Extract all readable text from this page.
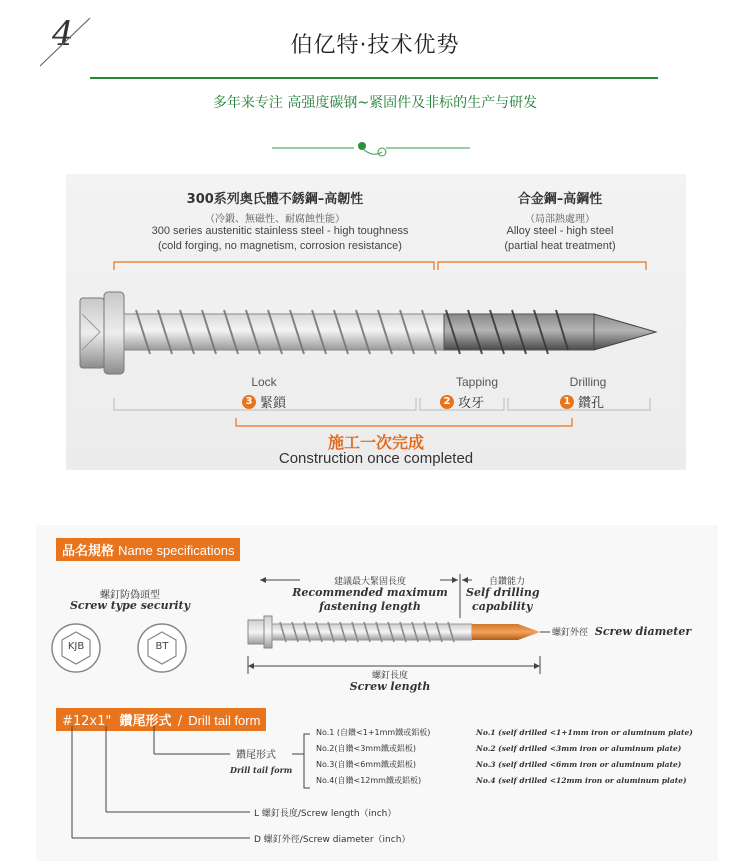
4	伯亿特·技术优势
多年来专注 高强度碳钢~紧固件及非标的生产与研发
300系列奥氏體不銹鋼–高韌性
（冷鍛、無磁性、耐腐蝕性能）
300 series austenitic stainless steel - high toughness
(cold forging, no magnetism, corrosion resistance)
合金鋼–高鋼性
（局部熱處理）
Alloy steel - high steel
(partial heat treatment)
Lock
3 緊鎖
Tapping
2 攻牙
Drilling
1 鑽孔
施工一次完成
Construction once completed
品名規格 Name specifications
螺釘防偽頭型
Screw type security
KJB	BT
建議最大緊固長度
Recommended maximum
fastening length
自鑽能力
Self drilling
capability
螺釘外徑 Screw diameter
螺釘長度
Screw length
#12x1" 鑽尾形式 / Drill tail form
鑽尾形式
Drill tail form
No.1 (自鑽<1+1mm鐵或鋁板)
No.2(自鑽<3mm鐵或鋁板)
No.3(自鑽<6mm鐵或鋁板)
No.4(自鑽<12mm鐵或鋁板)
No.1 (self drilled <1+1mm iron or aluminum plate)
No.2 (self drilled <3mm iron or aluminum plate)
No.3 (self drilled <6mm iron or aluminum plate)
No.4 (self drilled <12mm iron or aluminum plate)
L 螺釘長度/Screw length（inch）
D 螺釘外徑/Screw diameter（inch）
